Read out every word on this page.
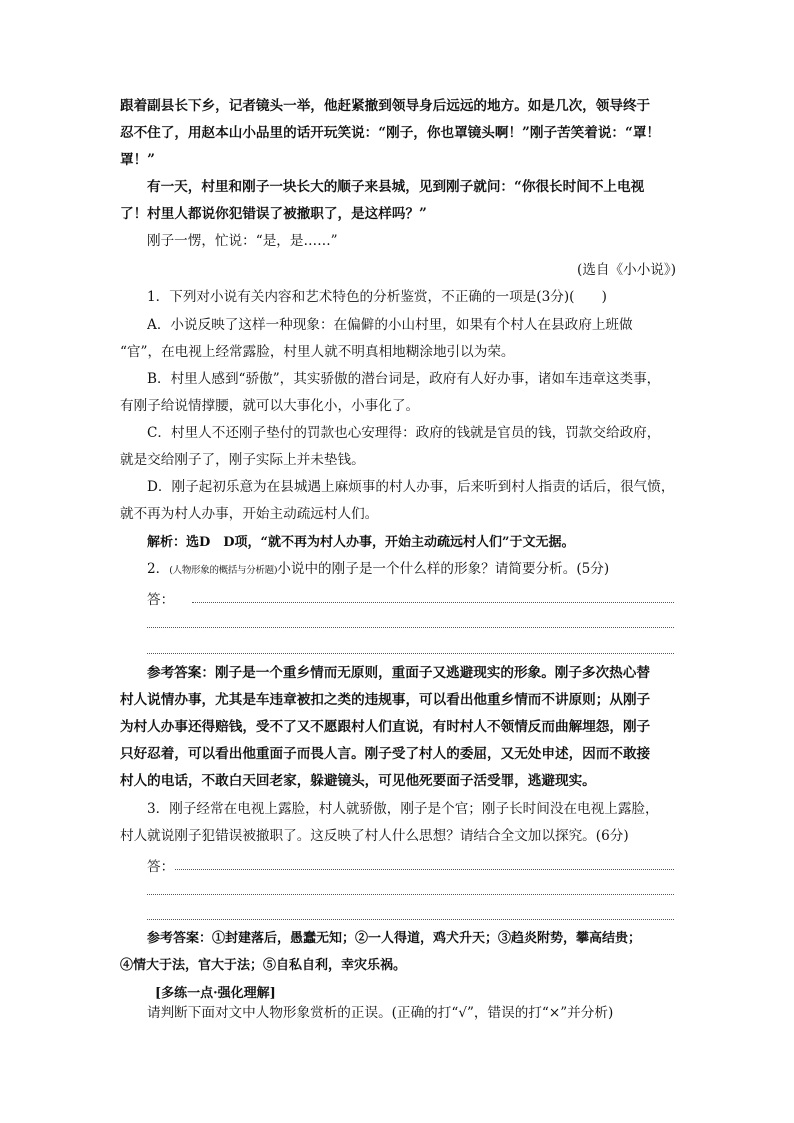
跟着副县长下乡，记者镜头一举，他赶紧撤到领导身后远远的地方。如是几次，领导终于
忍不住了，用赵本山小品里的话开玩笑说：“刚子，你也罩镜头啊！”刚子苦笑着说：“罩！
罩！”
有一天，村里和刚子一块长大的顺子来县城，见到刚子就问：“你很长时间不上电视
了！村里人都说你犯错误了被撤职了，是这样吗？”
刚子一愣，忙说：“是，是……”
(选自《小小说》)
1．下列对小说有关内容和艺术特色的分析鉴赏，不正确的一项是(3分)(　　)
A．小说反映了这样一种现象：在偏僻的小山村里，如果有个村人在县政府上班做
“官”，在电视上经常露脸，村里人就不明真相地糊涂地引以为荣。
B．村里人感到“骄傲”，其实骄傲的潜台词是，政府有人好办事，诸如车违章这类事，
有刚子给说情撑腰，就可以大事化小，小事化了。
C．村里人不还刚子垫付的罚款也心安理得：政府的钱就是官员的钱，罚款交给政府，
就是交给刚子了，刚子实际上并未垫钱。
D．刚子起初乐意为在县城遇上麻烦事的村人办事，后来听到村人指责的话后，很气愤，
就不再为村人办事，开始主动疏远村人们。
解析：选D　D项，“就不再为村人办事，开始主动疏远村人们”于文无据。
2．(人物形象的概括与分析题)小说中的刚子是一个什么样的形象？请简要分析。(5分)
答：
参考答案：刚子是一个重乡情而无原则，重面子又逃避现实的形象。刚子多次热心替
村人说情办事，尤其是车违章被扣之类的违规事，可以看出他重乡情而不讲原则；从刚子
为村人办事还得赔钱，受不了又不愿跟村人们直说，有时村人不领情反而曲解埋怨，刚子
只好忍着，可以看出他重面子而畏人言。刚子受了村人的委屈，又无处申述，因而不敢接
村人的电话，不敢白天回老家，躲避镜头，可见他死要面子活受罪，逃避现实。
3．刚子经常在电视上露脸，村人就骄傲，刚子是个官；刚子长时间没在电视上露脸，
村人就说刚子犯错误被撤职了。这反映了村人什么思想？请结合全文加以探究。(6分)
答：
参考答案：①封建落后，愚蠢无知；②一人得道，鸡犬升天；③趋炎附势，攀高结贵；
④情大于法，官大于法；⑤自私自利，幸灾乐祸。
[多练一点·强化理解]
请判断下面对文中人物形象赏析的正误。(正确的打“√”，错误的打“×”并分析)
